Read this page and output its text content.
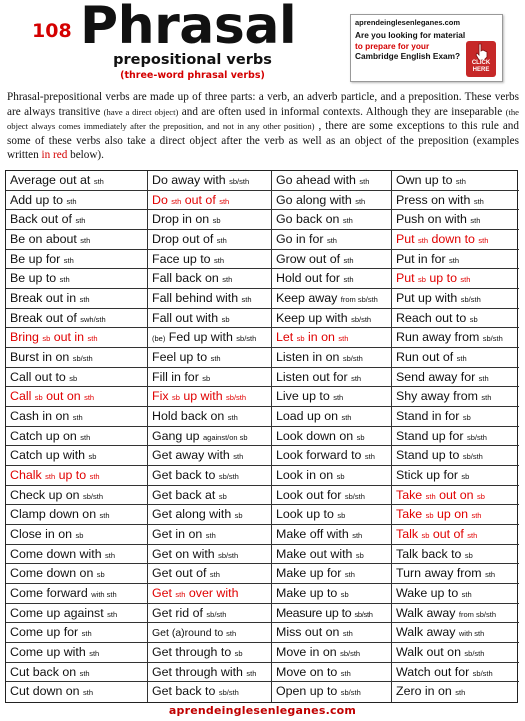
108 Phrasal
prepositional verbs
(three-word phrasal verbs)
aprendeinglesenleganes.com
Are you looking for material
to prepare for your
Cambridge English Exam?
CLICK HERE
Phrasal-prepositional verbs are made up of three parts: a verb, an adverb particle, and a preposition. These verbs are always transitive (have a direct object) and are often used in informal contexts. Although they are inseparable (the object always comes immediately after the preposition, and not in any other position) , there are some exceptions to this rule and some of these verbs also take a direct object after the verb as well as an object of the preposition (examples written in red below).
Average out at sth	Do away with sb/sth	Go ahead with sth	Own up to sth
Add up to sth	Do sth out of sth	Go along with sth	Press on with sth
Back out of sth	Drop in on sb	Go back on sth	Push on with sth
Be on about sth	Drop out of sth	Go in for sth	Put sth down to sth
Be up for sth	Face up to sth	Grow out of sth	Put in for sth
Be up to sth	Fall back on sth	Hold out for sth	Put sb up to sth
Break out in sth	Fall behind with sth	Keep away from sb/sth	Put up with sb/sth
Break out of swh/sth	Fall out with sb	Keep up with sb/sth	Reach out to sb
Bring sb out in sth	(be) Fed up with sb/sth	Let sb in on sth	Run away from sb/sth
Burst in on sb/sth	Feel up to sth	Listen in on sb/sth	Run out of sth
Call out to sb	Fill in for sb	Listen out for sth	Send away for sth
Call sb out on sth	Fix sb up with sb/sth	Live up to sth	Shy away from sth
Cash in on sth	Hold back on sth	Load up on sth	Stand in for sb
Catch up on sth	Gang up against/on sb	Look down on sb	Stand up for sb/sth
Catch up with sb	Get away with sth	Look forward to sth	Stand up to sb/sth
Chalk sth up to sth	Get back to sb/sth	Look in on sb	Stick up for sb
Check up on sb/sth	Get back at sb	Look out for sb/sth	Take sth out on sb
Clamp down on sth	Get along with sb	Look up to sb	Take sb up on sth
Close in on sb	Get in on sth	Make off with sth	Talk sb out of sth
Come down with sth	Get on with sb/sth	Make out with sb	Talk back to sb
Come down on sb	Get out of sth	Make up for sth	Turn away from sth
Come forward with sth	Get sth over with	Make up to sb	Wake up to sth
Come up against sth	Get rid of sb/sth	Measure up to sb/sth	Walk away from sb/sth
Come up for sth	Get (a)round to sth	Miss out on sth	Walk away with sth
Come up with sth	Get through to sb	Move in on sb/sth	Walk out on sb/sth
Cut back on sth	Get through with sth	Move on to sth	Watch out for sb/sth
Cut down on sth	Get back to sb/sth	Open up to sb/sth	Zero in on sth
aprendeinglesenleganes.com
